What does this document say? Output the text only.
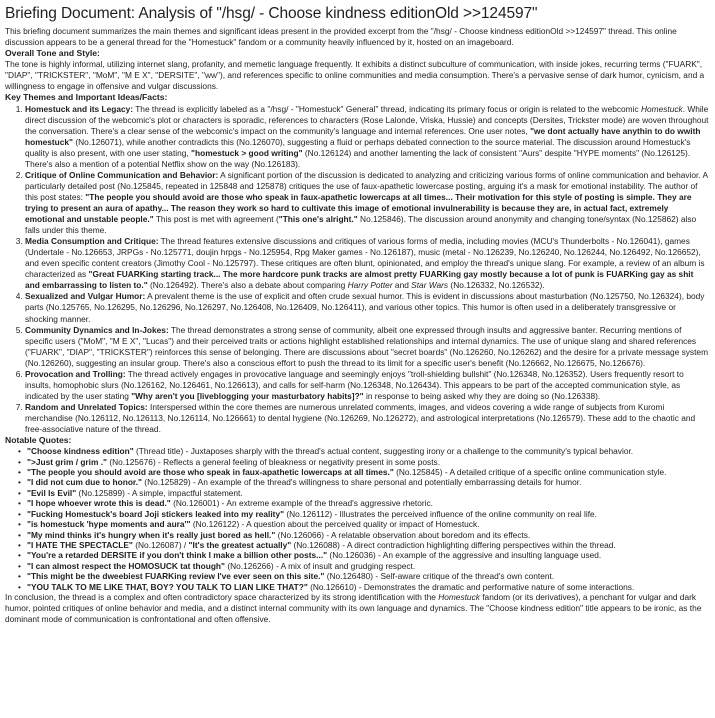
Briefing Document: Analysis of "/hsg/ - Choose kindness editionOld >>124597"

This briefing document summarizes the main themes and significant ideas present in the provided excerpt from the "/hsg/ - Choose kindness editionOld >>124597" thread. This online discussion appears to be a general thread for the "Homestuck" fandom or a community heavily influenced by it, hosted on an imageboard.

Overall Tone and Style:

The tone is highly informal, utilizing internet slang, profanity, and memetic language frequently. It exhibits a distinct subculture of communication, with inside jokes, recurring terms ("FUARK", "DIAP", "TRICKSTER", "MoM", "M E X", "DERSITE", "ww"), and references specific to online communities and media consumption. There's a pervasive sense of dark humor, cynicism, and a willingness to engage in offensive and vulgar discussions.

Key Themes and Important Ideas/Facts:
1. Homestuck and its Legacy: The thread is explicitly labeled as a "/hsg/ - "Homestuck" General" thread, indicating its primary focus or origin is related to the webcomic Homestuck. While direct discussion of the webcomic's plot or characters is sporadic, references to characters (Rose Lalonde, Vriska, Hussie) and concepts (Dersites, Trickster mode) are woven throughout the conversation. There's a clear sense of the webcomic's impact on the community's language and internal references. One user notes, "we dont actually have anythin to do wwith homestuck" (No.126071), while another contradicts this (No.126070), suggesting a fluid or perhaps debated connection to the source material. The discussion around Homestuck's quality is also present, with one user stating, "homestuck > good writing" (No.126124) and another lamenting the lack of consistent "Aurs" despite "HYPE moments" (No.126125). There's also a mention of a potential Netflix show on the way (No.126183).
2. Critique of Online Communication and Behavior: A significant portion of the discussion is dedicated to analyzing and criticizing various forms of online communication and behavior. A particularly detailed post (No.125845, repeated in 125848 and 125878) critiques the use of faux-apathetic lowercase posting, arguing it's a mask for emotional instability. The author of this post states: "The people you should avoid are those who speak in faux-apathetic lowercaps at all times... Their motivation for this style of posting is simple. They are trying to present an aura of apathy... The reason they work so hard to cultivate this image of emotional invulnerability is because they are, in actual fact, extremely emotional and unstable people." This post is met with agreement ("This one's alright." No.125846). The discussion around anonymity and changing tone/syntax (No.125862) also falls under this theme.
3. Media Consumption and Critique: The thread features extensive discussions and critiques of various forms of media, including movies (MCU's Thunderbolts - No.126041), games (Undertale - No.126653, JRPGs - No.125771, doujin hrpgs - No.125954, Rpg Maker games - No.126187), music (metal - No.126239, No.126240, No.126244, No.126492, No.126652), and even specific content creators (Jimothy Cool - No.125797). These critiques are often blunt, opinionated, and employ the thread's unique slang. For example, a review of an album is characterized as "Great FUARKing starting track... The more hardcore punk tracks are almost pretty FUARKing gay mostly because a lot of punk is FUARKing gay as shit and embarrassing to listen to." (No.126492). There's also a debate about comparing Harry Potter and Star Wars (No.126332, No.126532).
4. Sexualized and Vulgar Humor: A prevalent theme is the use of explicit and often crude sexual humor. This is evident in discussions about masturbation (No.125750, No.126324), body parts (No.125765, No.126295, No.126296, No.126297, No.126408, No.126409, No.126411), and various other topics. This humor is often used in a deliberately transgressive or shocking manner.
5. Community Dynamics and In-Jokes: The thread demonstrates a strong sense of community, albeit one expressed through insults and aggressive banter. Recurring mentions of specific users ("MoM", "M E X", "Lucas") and their perceived traits or actions highlight established relationships and internal dynamics. The use of unique slang and shared references ("FUARK", "DIAP", "TRICKSTER") reinforces this sense of belonging. There are discussions about "secret boards" (No.126260, No.126262) and the desire for a private message system (No.126260), suggesting an insular group. There's also a conscious effort to push the thread to its limit for a specific user's benefit (No.126662, No.126675, No.126676).
6. Provocation and Trolling: The thread actively engages in provocative language and seemingly enjoys "troll-shielding bullshit" (No.126348, No.126352). Users frequently resort to insults, homophobic slurs (No.126162, No.126461, No.126613), and calls for self-harm (No.126348, No.126434). This appears to be part of the accepted communication style, as indicated by the user stating "Why aren't you [liveblogging your masturbatory habits]?" in response to being asked why they are doing so (No.126338).
7. Random and Unrelated Topics: Interspersed within the core themes are numerous unrelated comments, images, and videos covering a wide range of subjects from Kuromi merchandise (No.126112, No.126113, No.126114, No.126661) to dental hygiene (No.126269, No.126272), and astrological interpretations (No.126579). These add to the chaotic and free-associative nature of the thread.
Notable Quotes:
• "Choose kindness edition" (Thread title) - Juxtaposes sharply with the thread's actual content, suggesting irony or a challenge to the community's typical behavior.
• ">Just grim / grim ." (No.125676) - Reflects a general feeling of bleakness or negativity present in some posts.
• "The people you should avoid are those who speak in faux-apathetic lowercaps at all times." (No.125845) - A detailed critique of a specific online communication style.
• "I did not cum due to honor." (No.125829) - An example of the thread's willingness to share personal and potentially embarrassing details for humor.
• "Evil Is Evil" (No.125899) - A simple, impactful statement.
• "I hope whoever wrote this is dead." (No.126001) - An extreme example of the thread's aggressive rhetoric.
• "Fucking Homestuck's board Joji stickers leaked into my reality" (No.126112) - Illustrates the perceived influence of the online community on real life.
• "is homestuck 'hype moments and aura'" (No.126122) - A question about the perceived quality or impact of Homestuck.
• "My mind thinks it's hungry when it's really just bored as hell." (No.126066) - A relatable observation about boredom and its effects.
• "I HATE THE SPECTACLE" (No.126087) / "It's the greatest actually" (No.126088) - A direct contradiction highlighting differing perspectives within the thread.
• "You're a retarded DERSITE if you don't think I make a billion other posts..." (No.126036) - An example of the aggressive and insulting language used.
• "I can almost respect the HOMOSUCK tat though" (No.126266) - A mix of insult and grudging respect.
• "This might be the dweebiest FUARKing review I've ever seen on this site." (No.126480) - Self-aware critique of the thread's own content.
• "YOU TALK TO ME LIKE THAT, BOY? YOU TALK TO LIAN LIKE THAT?" (No.126610) - Demonstrates the dramatic and performative nature of some interactions.

In conclusion, the thread is a complex and often contradictory space characterized by its strong identification with the Homestuck fandom (or its derivatives), a penchant for vulgar and dark humor, pointed critiques of online behavior and media, and a distinct internal community with its own language and dynamics. The "Choose kindness edition" title appears to be ironic, as the dominant mode of communication is confrontational and often offensive.
